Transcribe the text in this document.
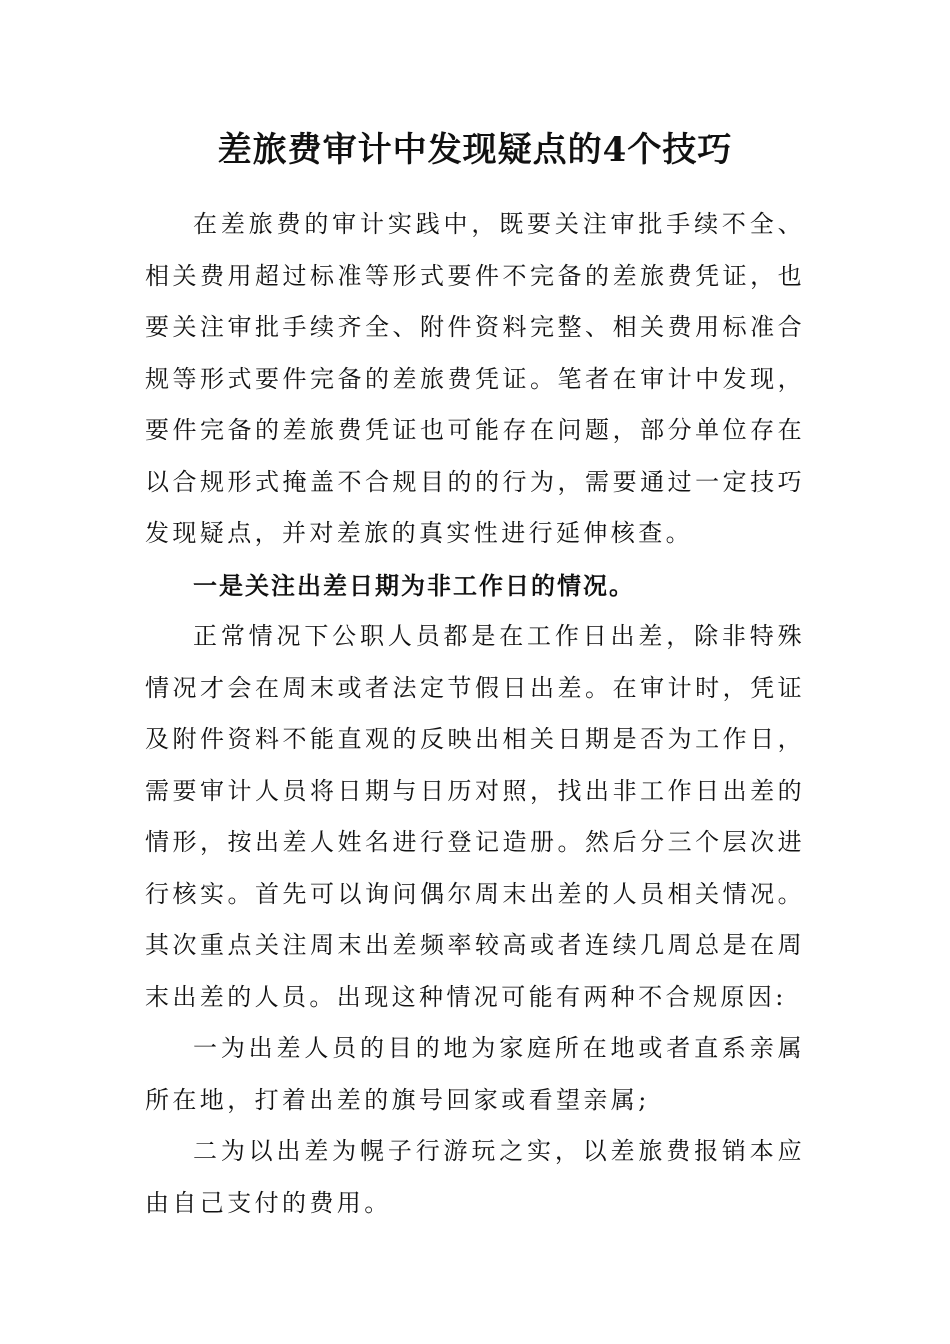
差旅费审计中发现疑点的4个技巧

在差旅费的审计实践中，既要关注审批手续不全、相关费用超过标准等形式要件不完备的差旅费凭证，也要关注审批手续齐全、附件资料完整、相关费用标准合规等形式要件完备的差旅费凭证。笔者在审计中发现，要件完备的差旅费凭证也可能存在问题，部分单位存在以合规形式掩盖不合规目的的行为，需要通过一定技巧发现疑点，并对差旅的真实性进行延伸核查。

一是关注出差日期为非工作日的情况。

正常情况下公职人员都是在工作日出差，除非特殊情况才会在周末或者法定节假日出差。在审计时，凭证及附件资料不能直观的反映出相关日期是否为工作日，需要审计人员将日期与日历对照，找出非工作日出差的情形，按出差人姓名进行登记造册。然后分三个层次进行核实。首先可以询问偶尔周末出差的人员相关情况。其次重点关注周末出差频率较高或者连续几周总是在周末出差的人员。出现这种情况可能有两种不合规原因:

一为出差人员的目的地为家庭所在地或者直系亲属所在地，打着出差的旗号回家或看望亲属;

二为以出差为幌子行游玩之实，以差旅费报销本应由自己支付的费用。
